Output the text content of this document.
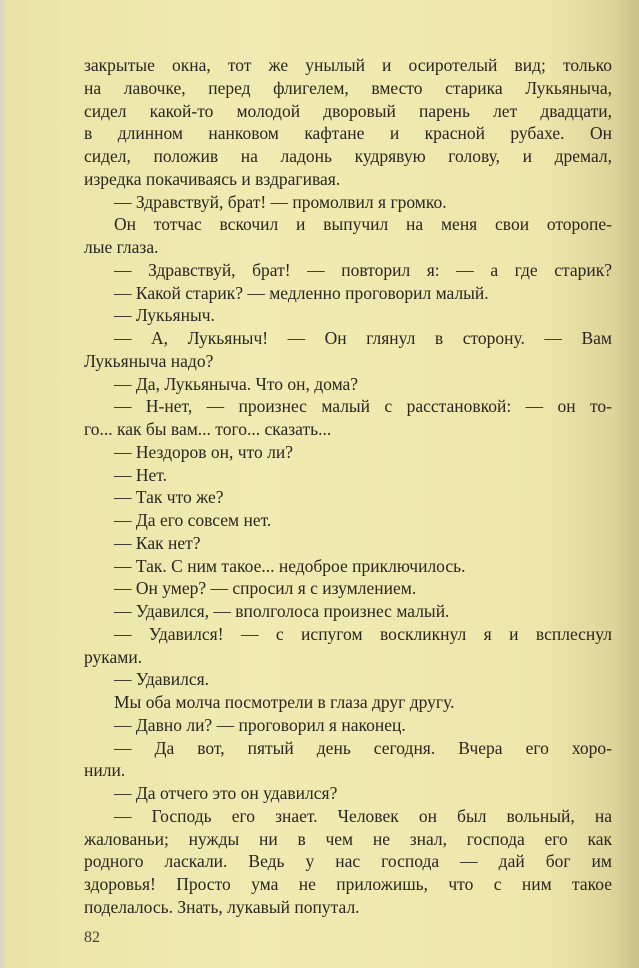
закрытые окна, тот же унылый и осиротелый вид; только
на лавочке, перед флигелем, вместо старика Лукьяныча,
сидел какой-то молодой дворовый парень лет двадцати,
в длинном нанковом кафтане и красной рубахе. Он
сидел, положив на ладонь кудрявую голову, и дремал,
изредка покачиваясь и вздрагивая.
— Здравствуй, брат! — промолвил я громко.
Он тотчас вскочил и выпучил на меня свои оторопе-
лые глаза.
— Здравствуй, брат! — повторил я: — а где старик?
— Какой старик? — медленно проговорил малый.
— Лукьяныч.
— А, Лукьяныч! — Он глянул в сторону. — Вам
Лукьяныча надо?
— Да, Лукьяныча. Что он, дома?
— Н-нет, — произнес малый с расстановкой: — он то-
го... как бы вам... того... сказать...
— Нездоров он, что ли?
— Нет.
— Так что же?
— Да его совсем нет.
— Как нет?
— Так. С ним такое... недоброе приключилось.
— Он умер? — спросил я с изумлением.
— Удавился, — вполголоса произнес малый.
— Удавился! — с испугом воскликнул я и всплеснул
руками.
— Удавился.
Мы оба молча посмотрели в глаза друг другу.
— Давно ли? — проговорил я наконец.
— Да вот, пятый день сегодня. Вчера его хоро-
нили.
— Да отчего это он удавился?
— Господь его знает. Человек он был вольный, на
жалованьи; нужды ни в чем не знал, господа его как
родного ласкали. Ведь у нас господа — дай бог им
здоровья! Просто ума не приложишь, что с ним такое
поделалось. Знать, лукавый попутал.
82
